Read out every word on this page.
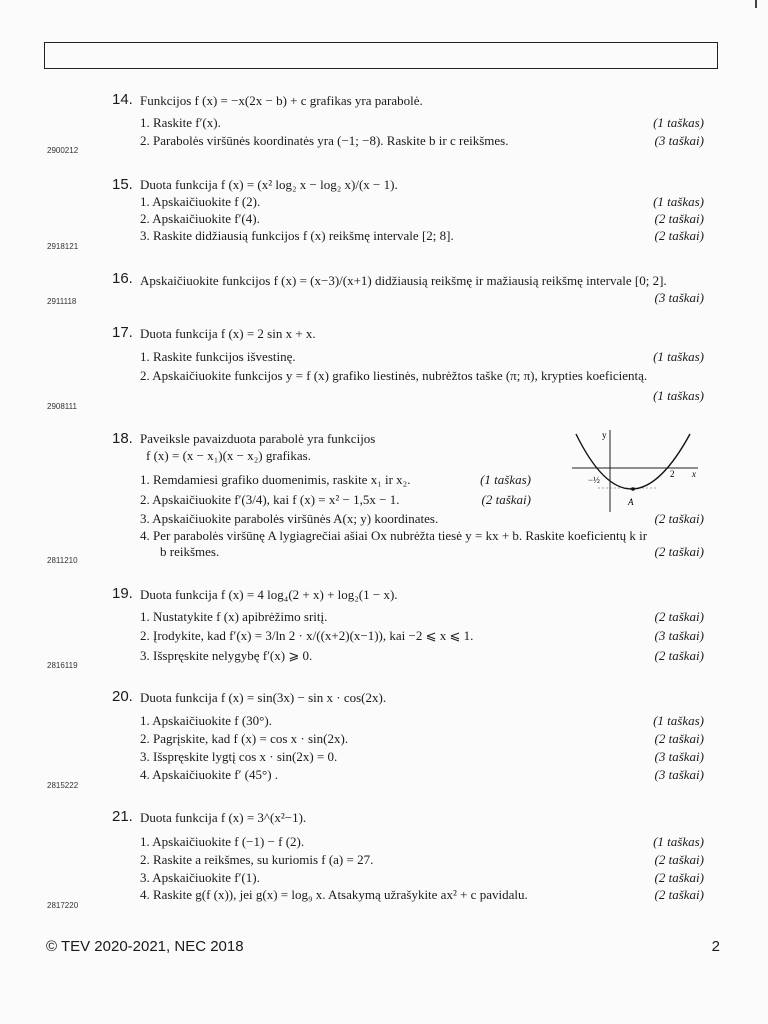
14. Funkcijos f (x) = −x(2x − b) + c grafikas yra parabolė.
1. Raskite f′(x).	(1 taškas)
2. Parabolės viršūnės koordinatės yra (−1; −8). Raskite b ir c reikšmes.	(3 taškai)
2900212
15. Duota funkcija f (x) = (x² log₂ x − log₂ x)/(x − 1).
1. Apskaičiuokite f (2).	(1 taškas)
2. Apskaičiuokite f′(4).	(2 taškai)
3. Raskite didžiausią funkcijos f (x) reikšmę intervale [2; 8].	(2 taškai)
2918121
16. Apskaičiuokite funkcijos f (x) = (x−3)/(x+1) didžiausią reikšmę ir mažiausią reikšmę intervale [0; 2].
(3 taškai)
2911118
17. Duota funkcija f (x) = 2 sin x + x.
1. Raskite funkcijos išvestinę.	(1 taškas)
2. Apskaičiuokite funkcijos y = f (x) grafiko liestinės, nubrėžtos taške (π; π), krypties koeficientą.
(1 taškas)
2908111
18. Paveiksle pavaizduota parabolė yra funkcijos
f (x) = (x − x₁)(x − x₂) grafikas.
1. Remdamiesi grafiko duomenimis, raskite x₁ ir x₂.	(1 taškas)
2. Apskaičiuokite f′(3/4), kai f (x) = x² − 1,5x − 1.	(2 taškai)
3. Apskaičiuokite parabolės viršūnės A(x; y) koordinates.	(2 taškai)
4. Per parabolės viršūnę A lygiagrečiai ašiai Ox nubrėžta tiesė y = kx + b. Raskite koeficientų k ir
b reikšmes.	(2 taškai)
2811210
y
x
−½
2
A
19. Duota funkcija f (x) = 4 log₄(2 + x) + log₂(1 − x).
1. Nustatykite f (x) apibrėžimo sritį.	(2 taškai)
2. Įrodykite, kad f′(x) = 3/ln 2 · x/((x+2)(x−1)), kai −2 ⩽ x ⩽ 1.	(3 taškai)
3. Išspręskite nelygybę f′(x) ⩾ 0.	(2 taškai)
2816119
20. Duota funkcija f (x) = sin(3x) − sin x · cos(2x).
1. Apskaičiuokite f (30°).	(1 taškas)
2. Pagrįskite, kad f (x) = cos x · sin(2x).	(2 taškai)
3. Išspręskite lygtį cos x · sin(2x) = 0.	(3 taškai)
4. Apskaičiuokite f′ (45°) .	(3 taškai)
2815222
21. Duota funkcija f (x) = 3^(x²−1).
1. Apskaičiuokite f (−1) − f (2).	(1 taškas)
2. Raskite a reikšmes, su kuriomis f (a) = 27.	(2 taškai)
3. Apskaičiuokite f′(1).	(2 taškai)
4. Raskite g(f (x)), jei g(x) = log₉ x. Atsakymą užrašykite ax² + c pavidalu.	(2 taškai)
2817220
© TEV 2020-2021, NEC 2018	2
